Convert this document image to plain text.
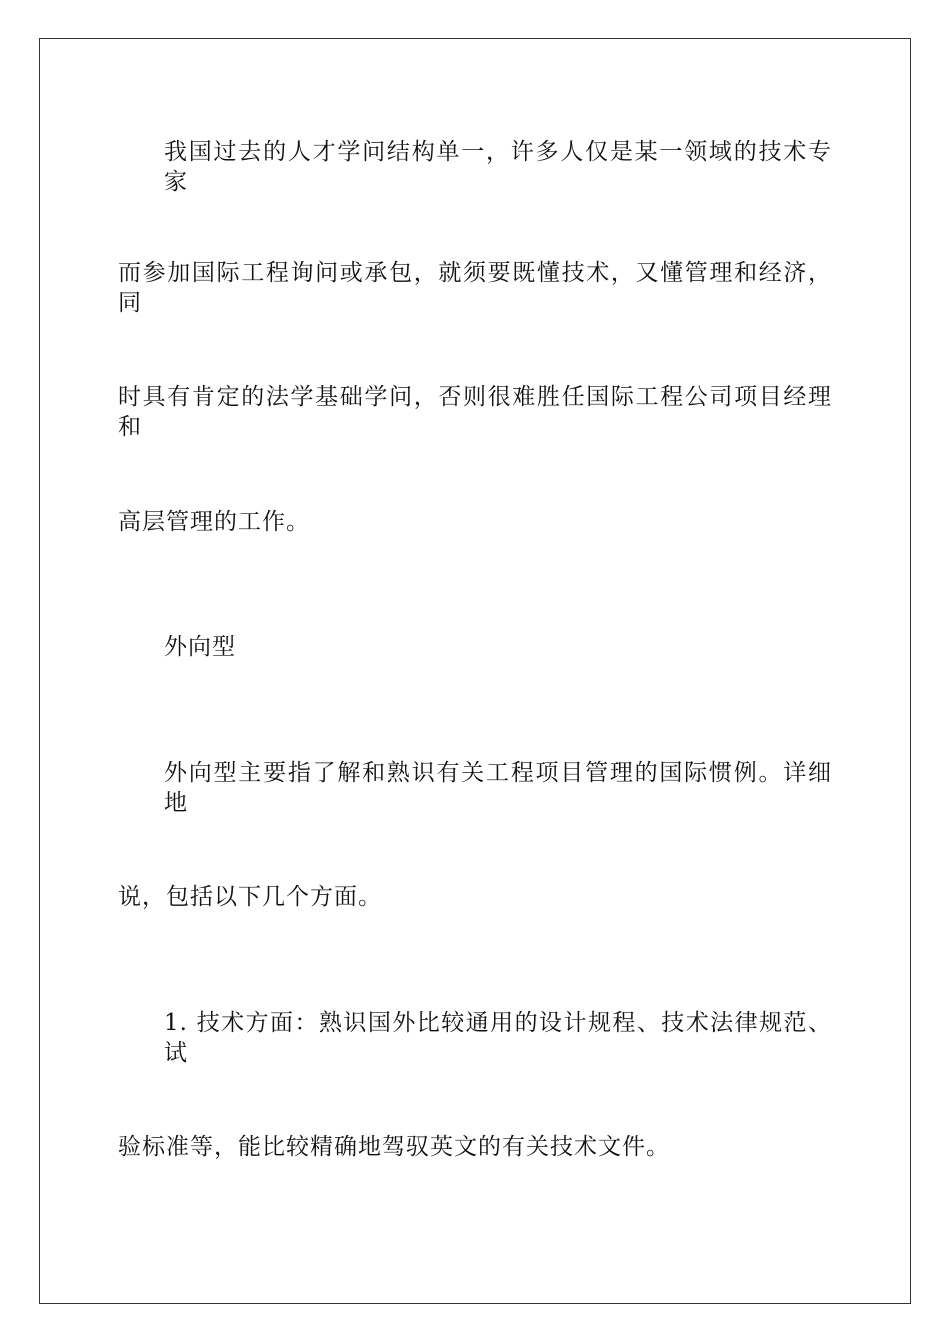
我国过去的人才学问结构单一，许多人仅是某一领域的技术专家
而参加国际工程询问或承包，就须要既懂技术，又懂管理和经济，同
时具有肯定的法学基础学问，否则很难胜任国际工程公司项目经理和
高层管理的工作。
外向型
外向型主要指了解和熟识有关工程项目管理的国际惯例。详细地
说，包括以下几个方面。
1. 技术方面：熟识国外比较通用的设计规程、技术法律规范、试
验标准等，能比较精确地驾驭英文的有关技术文件。
